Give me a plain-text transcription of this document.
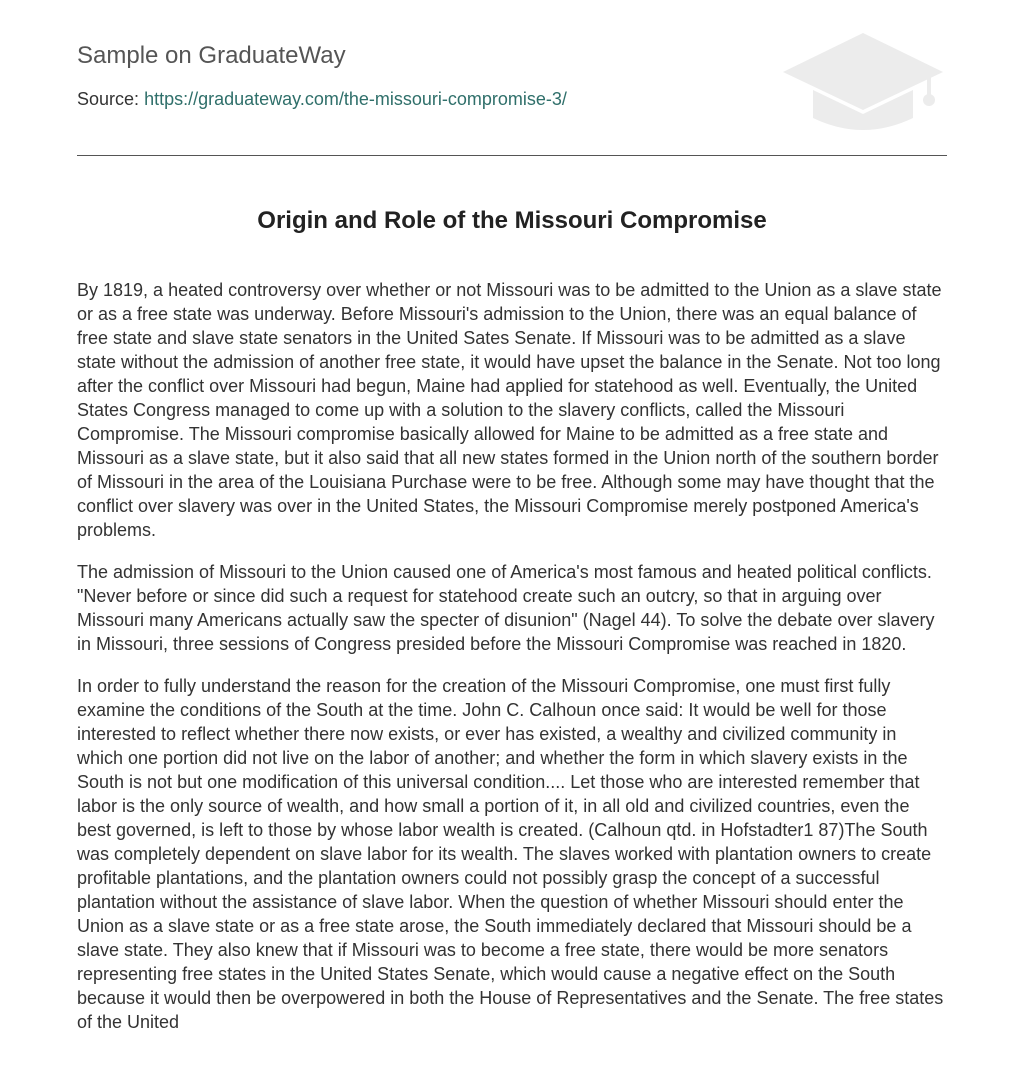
Sample on GraduateWay
Source: https://graduateway.com/the-missouri-compromise-3/
Origin and Role of the Missouri Compromise

By 1819, a heated controversy over whether or not Missouri was to be admitted to the Union as a slave state or as a free state was underway. Before Missouri's admission to the Union, there was an equal balance of free state and slave state senators in the United Sates Senate. If Missouri was to be admitted as a slave state without the admission of another free state, it would have upset the balance in the Senate. Not too long after the conflict over Missouri had begun, Maine had applied for statehood as well. Eventually, the United States Congress managed to come up with a solution to the slavery conflicts, called the Missouri Compromise. The Missouri compromise basically allowed for Maine to be admitted as a free state and Missouri as a slave state, but it also said that all new states formed in the Union north of the southern border of Missouri in the area of the Louisiana Purchase were to be free. Although some may have thought that the conflict over slavery was over in the United States, the Missouri Compromise merely postponed America's problems.

The admission of Missouri to the Union caused one of America's most famous and heated political conflicts. "Never before or since did such a request for statehood create such an outcry, so that in arguing over Missouri many Americans actually saw the specter of disunion" (Nagel 44). To solve the debate over slavery in Missouri, three sessions of Congress presided before the Missouri Compromise was reached in 1820.

In order to fully understand the reason for the creation of the Missouri Compromise, one must first fully examine the conditions of the South at the time. John C. Calhoun once said: It would be well for those interested to reflect whether there now exists, or ever has existed, a wealthy and civilized community in which one portion did not live on the labor of another; and whether the form in which slavery exists in the South is not but one modification of this universal condition.... Let those who are interested remember that labor is the only source of wealth, and how small a portion of it, in all old and civilized countries, even the best governed, is left to those by whose labor wealth is created. (Calhoun qtd. in Hofstadter1 87)The South was completely dependent on slave labor for its wealth. The slaves worked with plantation owners to create profitable plantations, and the plantation owners could not possibly grasp the concept of a successful plantation without the assistance of slave labor. When the question of whether Missouri should enter the Union as a slave state or as a free state arose, the South immediately declared that Missouri should be a slave state. They also knew that if Missouri was to become a free state, there would be more senators representing free states in the United States Senate, which would cause a negative effect on the South because it would then be overpowered in both the House of Representatives and the Senate. The free states of the United
